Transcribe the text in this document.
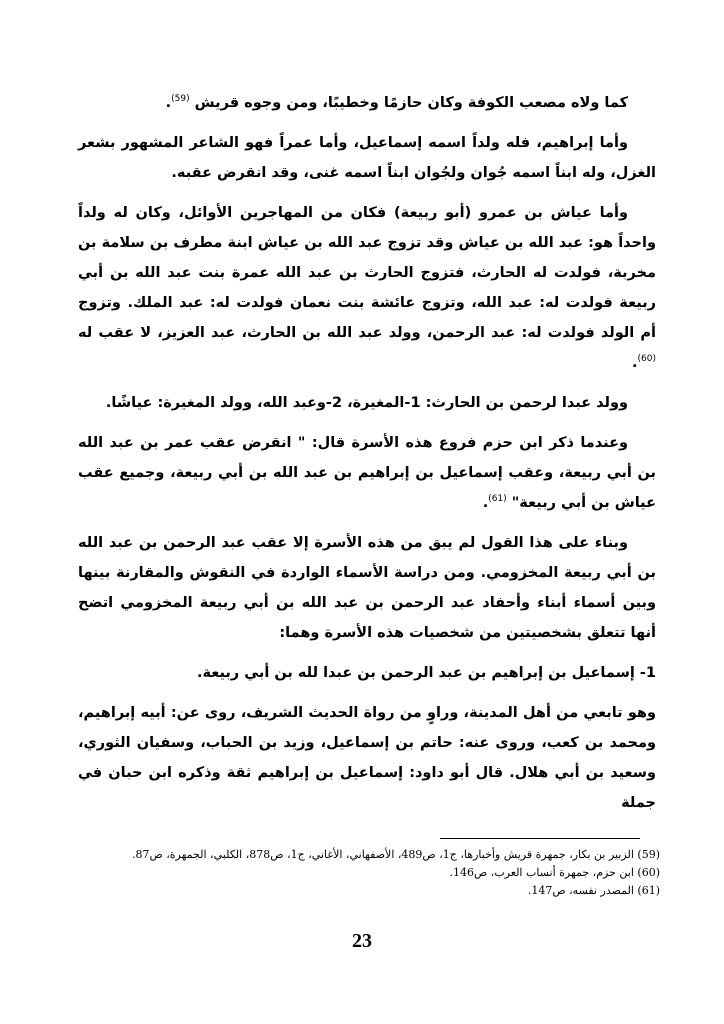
كما ولاه مصعب الكوفة وكان حازمًا وخطيبًا، ومن وجوه قريش $^{(59)}$.

وأما إبراهيم، فله ولداً اسمه إسماعيل، وأما عمراً فهو الشاعر المشهور بشعر الغزل، وله ابناً اسمه جُوان ولجُوان ابناً اسمه غنى، وقد انقرض عقبه.

وأما عياش بن عمرو (أبو ربيعة) فكان من المهاجرين الأوائل، وكان له ولداً واحداً هو: عبد الله بن عياش وقد تزوج عبد الله بن عياش ابنة مطرف بن سلامة بن مخربة، فولدت له الحارث، فتزوج الحارث بن عبد الله عمرة بنت عبد الله بن أبي ربيعة فولدت له: عبد الله، وتزوج عائشة بنت نعمان فولدت له: عبد الملك. وتزوج أم الولد فولدت له: عبد الرحمن، وولد عبد الله بن الحارث، عبد العزيز، لا عقب له $^{(60)}$.

وولد عبدا لرحمن بن الحارث: 1-المغيرة، 2-وعبد الله، وولد المغيرة: عياشًا.

وعندما ذكر ابن حزم فروع هذه الأسرة قال: " انقرض عقب عمر بن عبد الله بن أبي ربيعة، وعقب إسماعيل بن إبراهيم بن عبد الله بن أبي ربيعة، وجميع عقب عياش بن أبي ربيعة" $^{(61)}$.

وبناء على هذا القول لم يبق من هذه الأسرة إلا عقب عبد الرحمن بن عبد الله بن أبي ربيعة المخزومي. ومن دراسة الأسماء الواردة في النقوش والمقارنة بينها وبين أسماء أبناء وأحفاد عبد الرحمن بن عبد الله بن أبي ربيعة المخزومي اتضح أنها تتعلق بشخصيتين من شخصيات هذه الأسرة وهما:

1- إسماعيل بن إبراهيم بن عبد الرحمن بن عبدا لله بن أبي ربيعة.

وهو تابعي من أهل المدينة، وراوٍ من رواة الحديث الشريف، روى عن: أبيه إبراهيم، ومحمد بن كعب، وروى عنه: حاتم بن إسماعيل، وزيد بن الحباب، وسفيان الثوري، وسعيد بن أبي هلال. قال أبو داود: إسماعيل بن إبراهيم ثقة وذكره ابن حبان في جملة

(59) الزبير بن بكار، جمهرة قريش وأخبارها، ج1، ص489، الأصفهاني، الأغاني، ج1، ص878، الكلبي، الجمهرة، ص87.

(60) ابن حزم، جمهرة أنساب العرب، ص146.

(61) المصدر نفسه، ص147.

23
